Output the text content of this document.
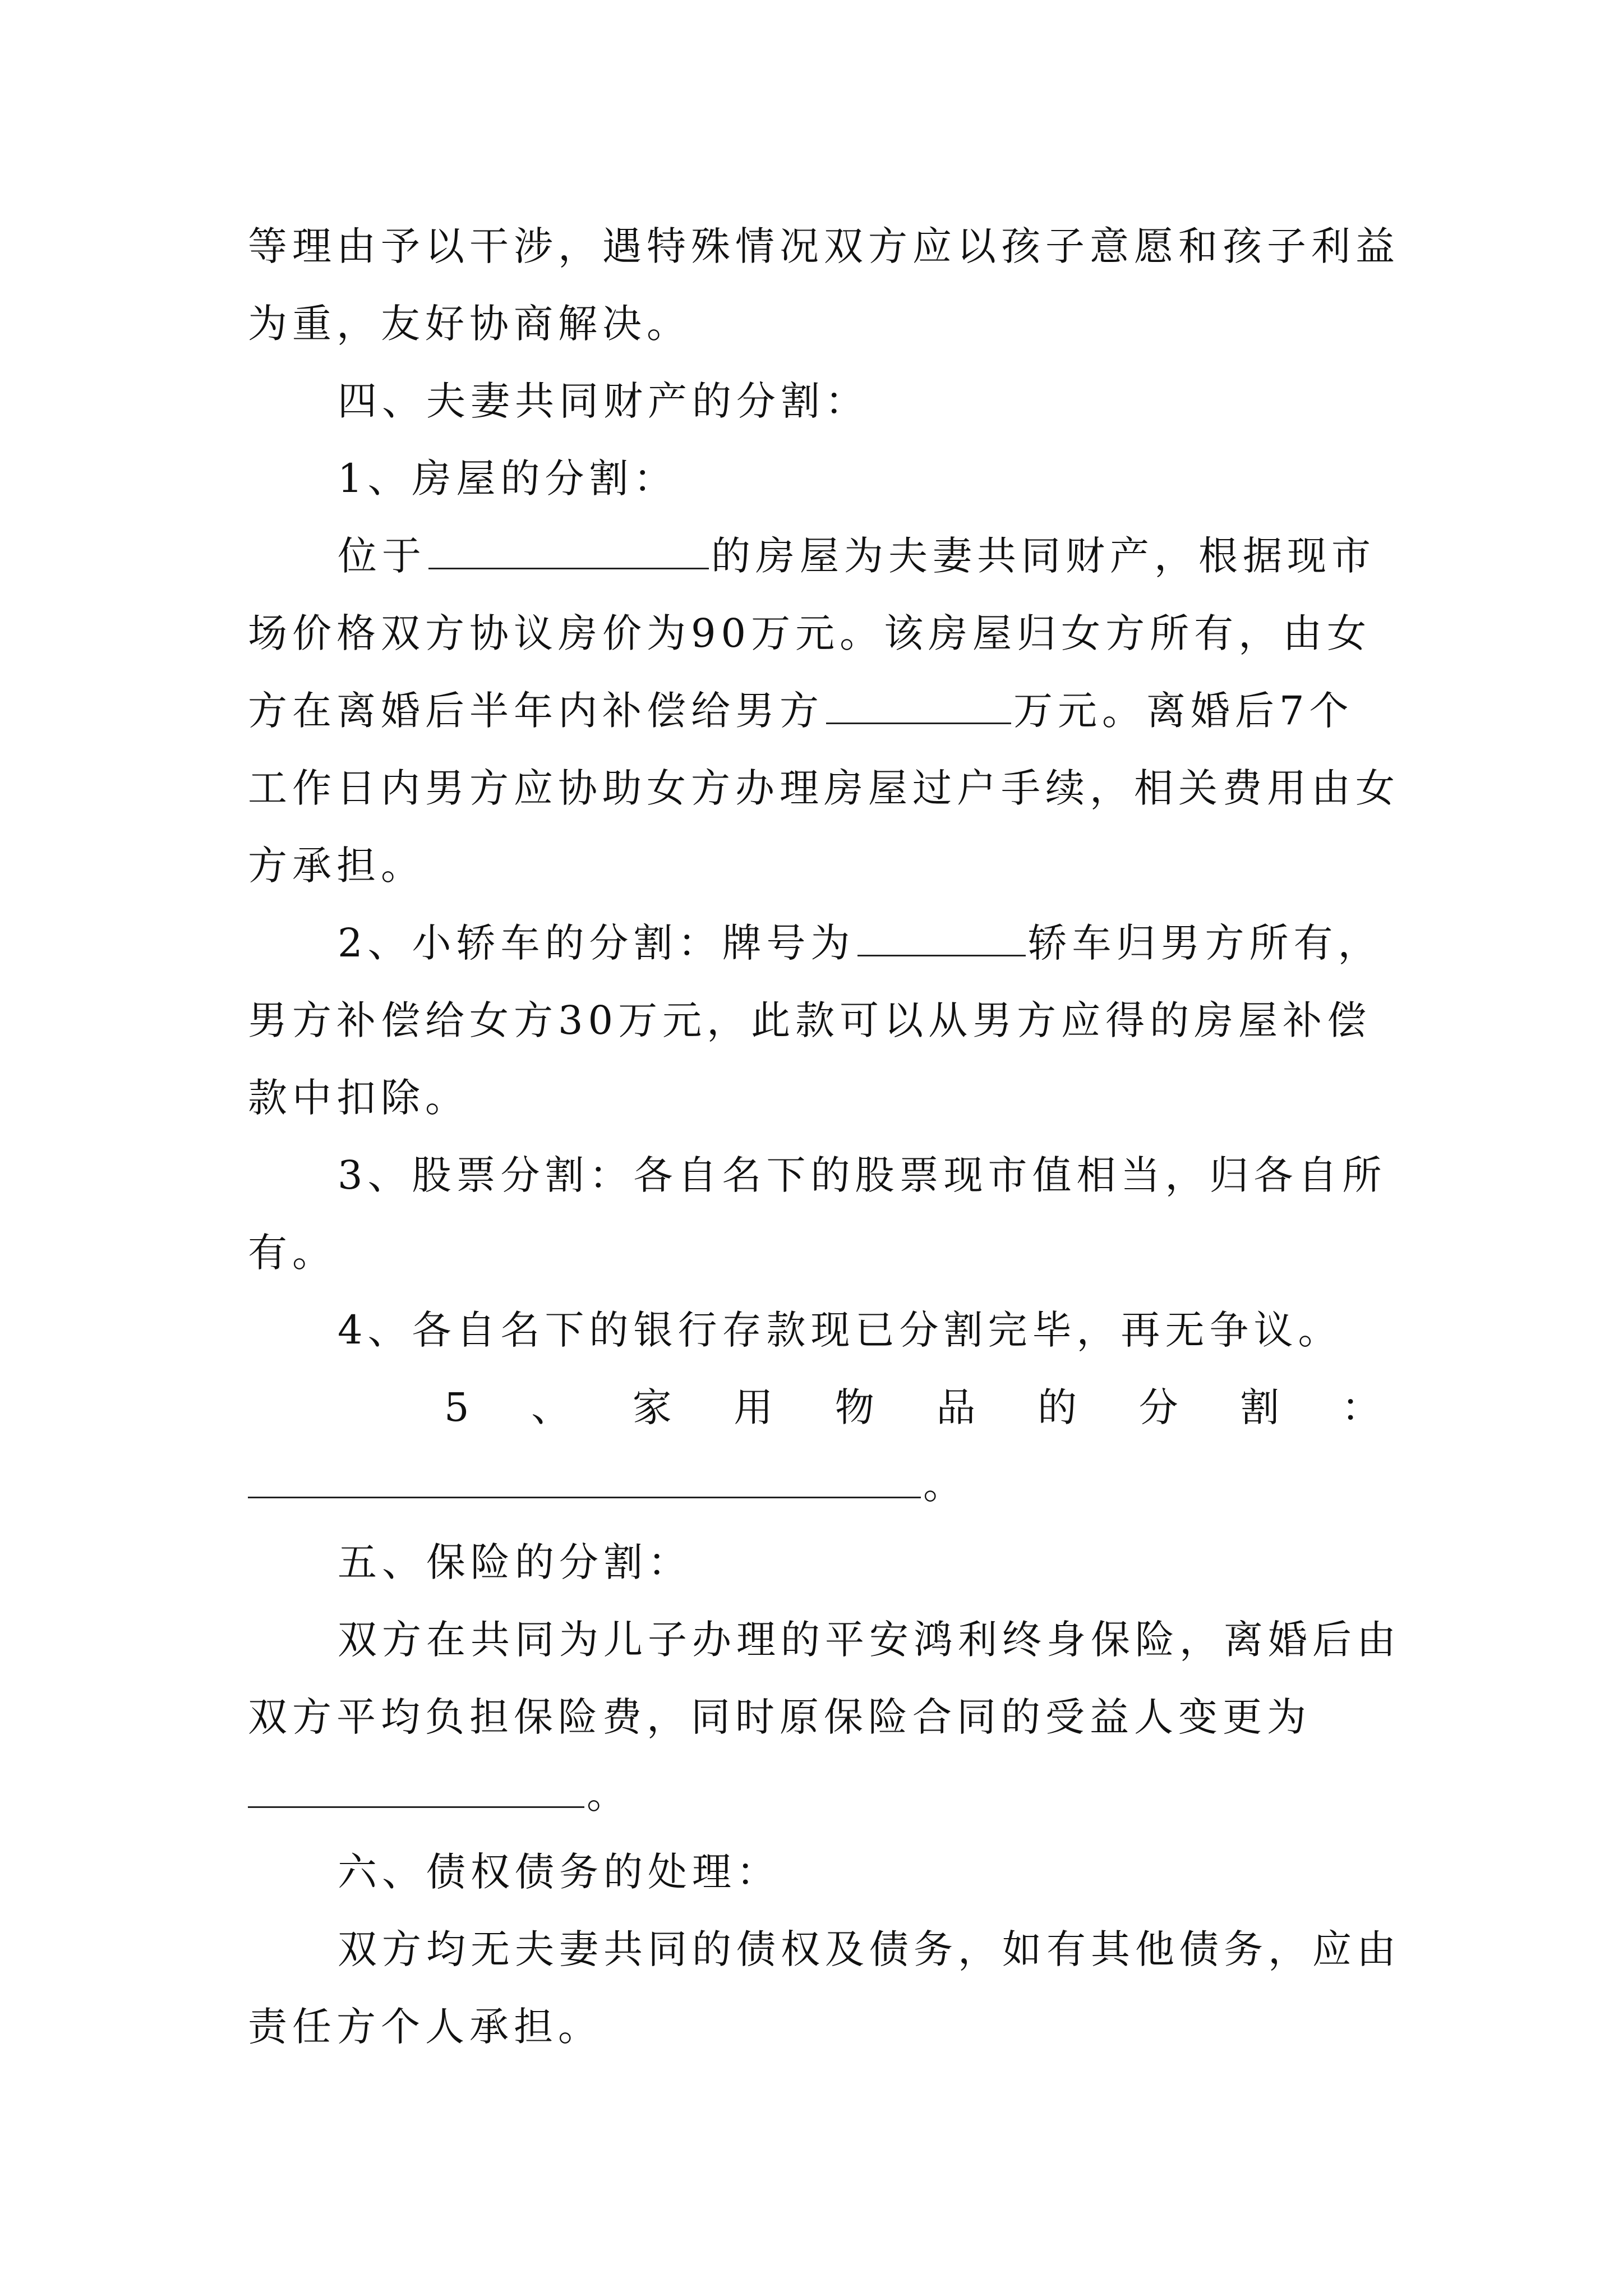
等理由予以干涉，遇特殊情况双方应以孩子意愿和孩子利益
为重，友好协商解决。
四、夫妻共同财产的分割：
1、房屋的分割：
位于	的房屋为夫妻共同财产，根据现市
场价格双方协议房价为90万元。该房屋归女方所有，由女
方在离婚后半年内补偿给男方	万元。离婚后7个
工作日内男方应协助女方办理房屋过户手续，相关费用由女
方承担。
2、小轿车的分割：牌号为	轿车归男方所有，
男方补偿给女方30万元，此款可以从男方应得的房屋补偿
款中扣除。
3、股票分割：各自名下的股票现市值相当，归各自所
有。
4、各自名下的银行存款现已分割完毕，再无争议。
5 、 家 用 物 品 的 分 割 ：
。
五、保险的分割：
双方在共同为儿子办理的平安鸿利终身保险，离婚后由
双方平均负担保险费，同时原保险合同的受益人变更为
。
六、债权债务的处理：
双方均无夫妻共同的债权及债务，如有其他债务，应由
责任方个人承担。
